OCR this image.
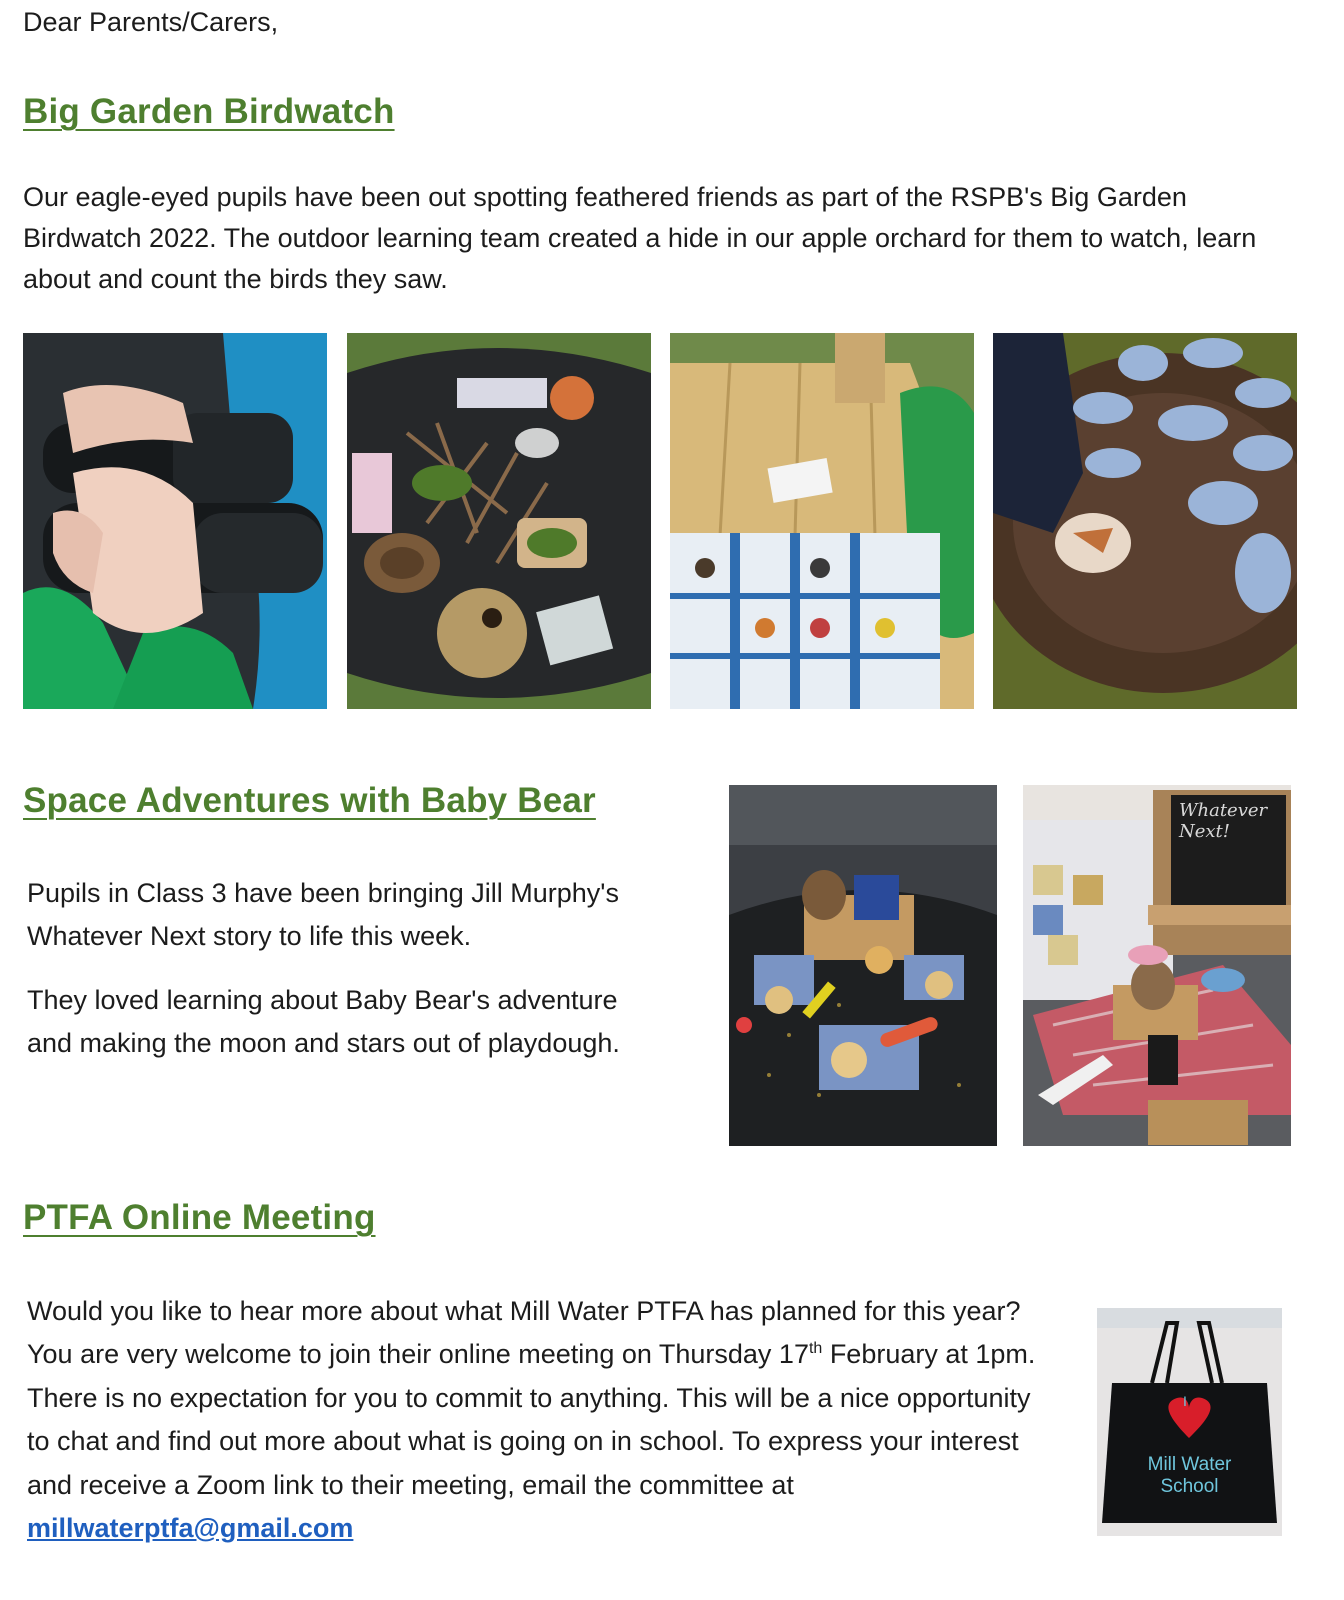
Dear Parents/Carers,
Big Garden Birdwatch
Our eagle-eyed pupils have been out spotting feathered friends as part of the RSPB's Big Garden Birdwatch 2022. The outdoor learning team created a hide in our apple orchard for them to watch, learn about and count the birds they saw.
Space Adventures with Baby Bear
Pupils in Class 3 have been bringing Jill Murphy's Whatever Next story to life this week.
They loved learning about Baby Bear's adventure and making the moon and stars out of playdough.
Whatever Next!
PTFA Online Meeting
Would you like to hear more about what Mill Water PTFA has planned for this year? You are very welcome to join their online meeting on Thursday 17th February at 1pm. There is no expectation for you to commit to anything. This will be a nice opportunity to chat and find out more about what is going on in school. To express your interest and receive a Zoom link to their meeting, email the committee at millwaterptfa@gmail.com
I
Mill Water
School
